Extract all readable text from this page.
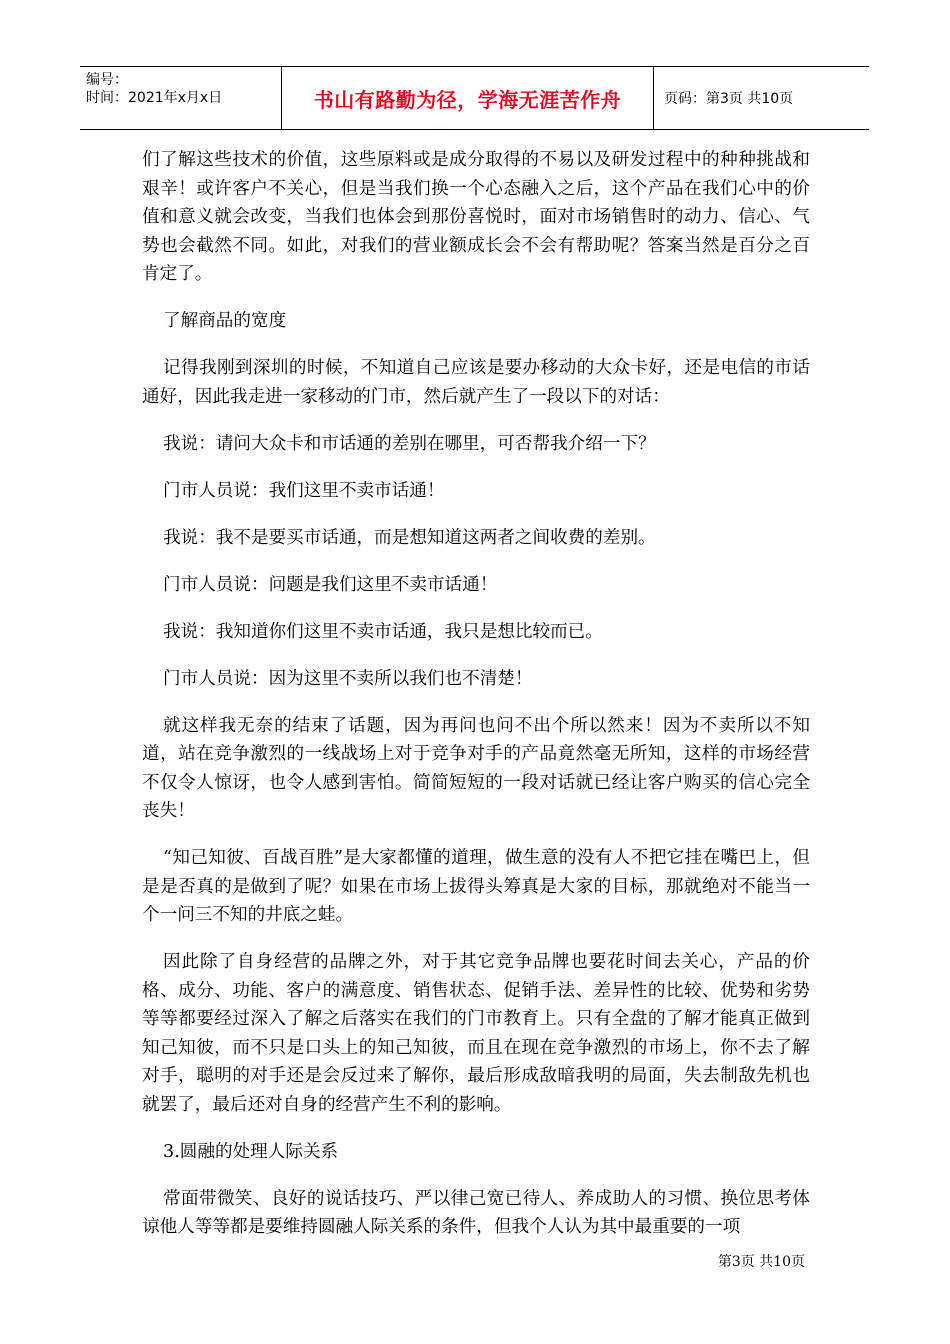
编号：
时间：2021年x月x日	书山有路勤为径，学海无涯苦作舟	页码：第3页 共10页

们了解这些技术的价值，这些原料或是成分取得的不易以及研发过程中的种种挑战和艰辛！或许客户不关心，但是当我们换一个心态融入之后，这个产品在我们心中的价值和意义就会改变，当我们也体会到那份喜悦时，面对市场销售时的动力、信心、气势也会截然不同。如此，对我们的营业额成长会不会有帮助呢？答案当然是百分之百肯定了。

了解商品的宽度

记得我刚到深圳的时候，不知道自己应该是要办移动的大众卡好，还是电信的市话通好，因此我走进一家移动的门市，然后就产生了一段以下的对话：

我说：请问大众卡和市话通的差别在哪里，可否帮我介绍一下？

门市人员说：我们这里不卖市话通！

我说：我不是要买市话通，而是想知道这两者之间收费的差别。

门市人员说：问题是我们这里不卖市话通！

我说：我知道你们这里不卖市话通，我只是想比较而已。

门市人员说：因为这里不卖所以我们也不清楚！

就这样我无奈的结束了话题，因为再问也问不出个所以然来！因为不卖所以不知道，站在竞争激烈的一线战场上对于竞争对手的产品竟然毫无所知，这样的市场经营不仅令人惊讶，也令人感到害怕。简简短短的一段对话就已经让客户购买的信心完全丧失！

“知己知彼、百战百胜”是大家都懂的道理，做生意的没有人不把它挂在嘴巴上，但是是否真的是做到了呢？如果在市场上拔得头筹真是大家的目标，那就绝对不能当一个一问三不知的井底之蛙。

因此除了自身经营的品牌之外，对于其它竞争品牌也要花时间去关心，产品的价格、成分、功能、客户的满意度、销售状态、促销手法、差异性的比较、优势和劣势等等都要经过深入了解之后落实在我们的门市教育上。只有全盘的了解才能真正做到知己知彼，而不只是口头上的知己知彼，而且在现在竞争激烈的市场上，你不去了解对手，聪明的对手还是会反过来了解你，最后形成敌暗我明的局面，失去制敌先机也就罢了，最后还对自身的经营产生不利的影响。

3.圆融的处理人际关系

常面带微笑、良好的说话技巧、严以律己宽已待人、养成助人的习惯、换位思考体谅他人等等都是要维持圆融人际关系的条件，但我个人认为其中最重要的一项

第3页 共10页
